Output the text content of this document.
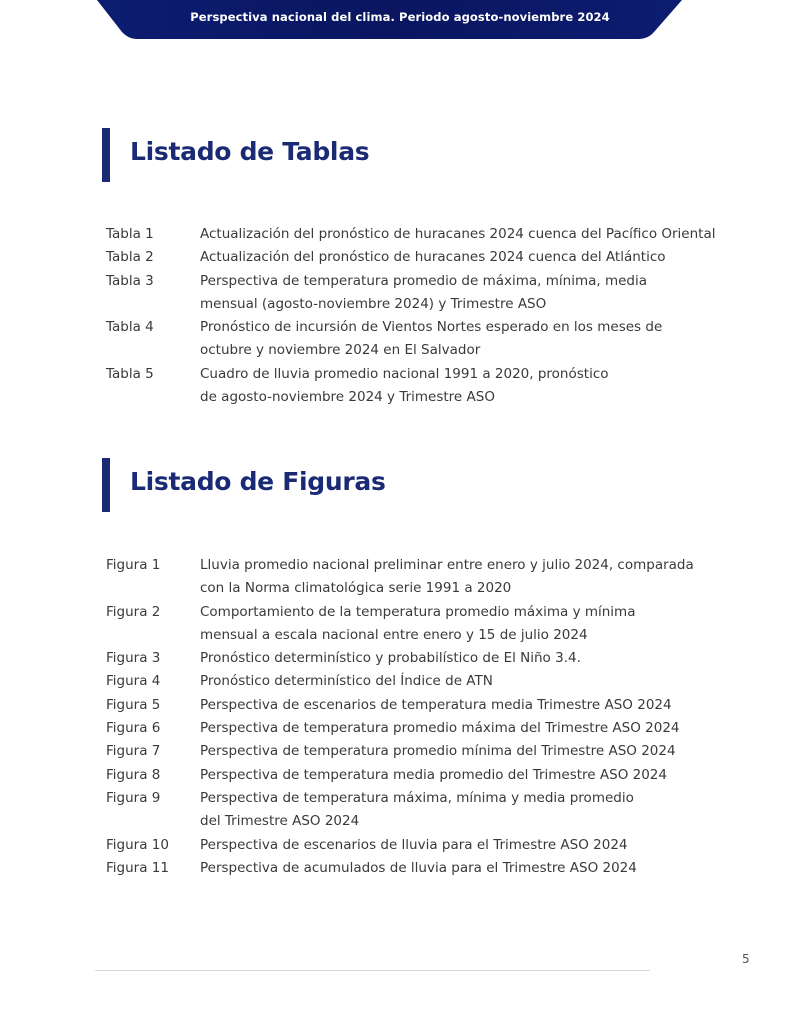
Perspectiva nacional del clima. Periodo agosto-noviembre 2024
Listado de Tablas
Tabla 1	Actualización del pronóstico de huracanes 2024 cuenca del Pacífico Oriental
Tabla 2	Actualización del pronóstico de huracanes 2024 cuenca del Atlántico
Tabla 3	Perspectiva de temperatura promedio de máxima, mínima, media
mensual (agosto-noviembre 2024) y Trimestre ASO
Tabla 4	Pronóstico de incursión de Vientos Nortes esperado en los meses de
octubre y noviembre 2024 en El Salvador
Tabla 5	Cuadro de lluvia promedio nacional 1991 a 2020, pronóstico
de agosto-noviembre 2024 y Trimestre ASO
Listado de Figuras
Figura 1	Lluvia promedio nacional preliminar entre enero y julio 2024, comparada
con la Norma climatológica serie 1991 a 2020
Figura 2	Comportamiento de la temperatura promedio máxima y mínima
mensual a escala nacional entre enero y 15 de julio 2024
Figura 3	Pronóstico determinístico y probabilístico de El Niño 3.4.
Figura 4	Pronóstico determinístico del Índice de ATN
Figura 5	Perspectiva de escenarios de temperatura media Trimestre ASO 2024
Figura 6	Perspectiva de temperatura promedio máxima del Trimestre ASO 2024
Figura 7	Perspectiva de temperatura promedio mínima del Trimestre ASO 2024
Figura 8	Perspectiva de temperatura media promedio del Trimestre ASO 2024
Figura 9	Perspectiva de temperatura máxima, mínima y media promedio
del Trimestre ASO 2024
Figura 10	Perspectiva de escenarios de lluvia para el Trimestre ASO 2024
Figura 11	Perspectiva de acumulados de lluvia para el Trimestre ASO 2024
5
